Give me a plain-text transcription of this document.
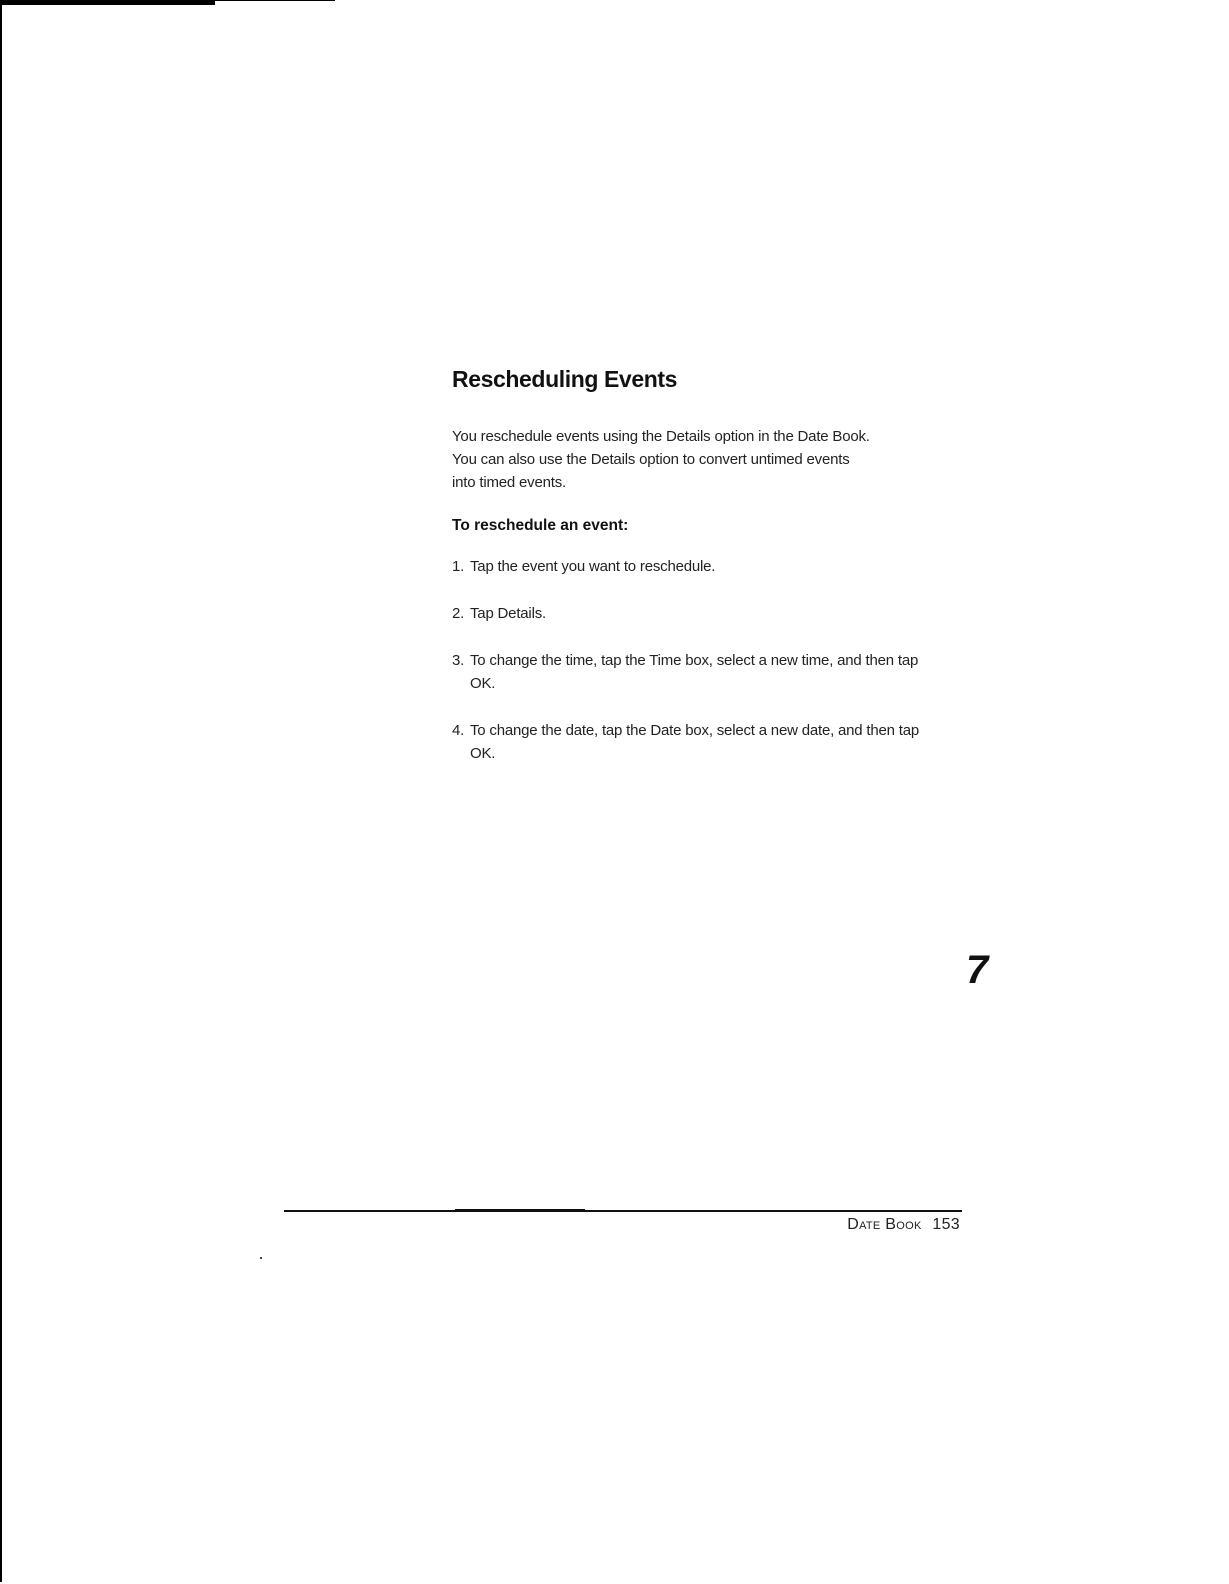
Rescheduling Events

You reschedule events using the Details option in the Date Book.
You can also use the Details option to convert untimed events
into timed events.

To reschedule an event:
1. Tap the event you want to reschedule.
2. Tap Details.
3. To change the time, tap the Time box, select a new time, and then tap OK.
4. To change the date, tap the Date box, select a new date, and then tap OK.
7
Date Book 153
